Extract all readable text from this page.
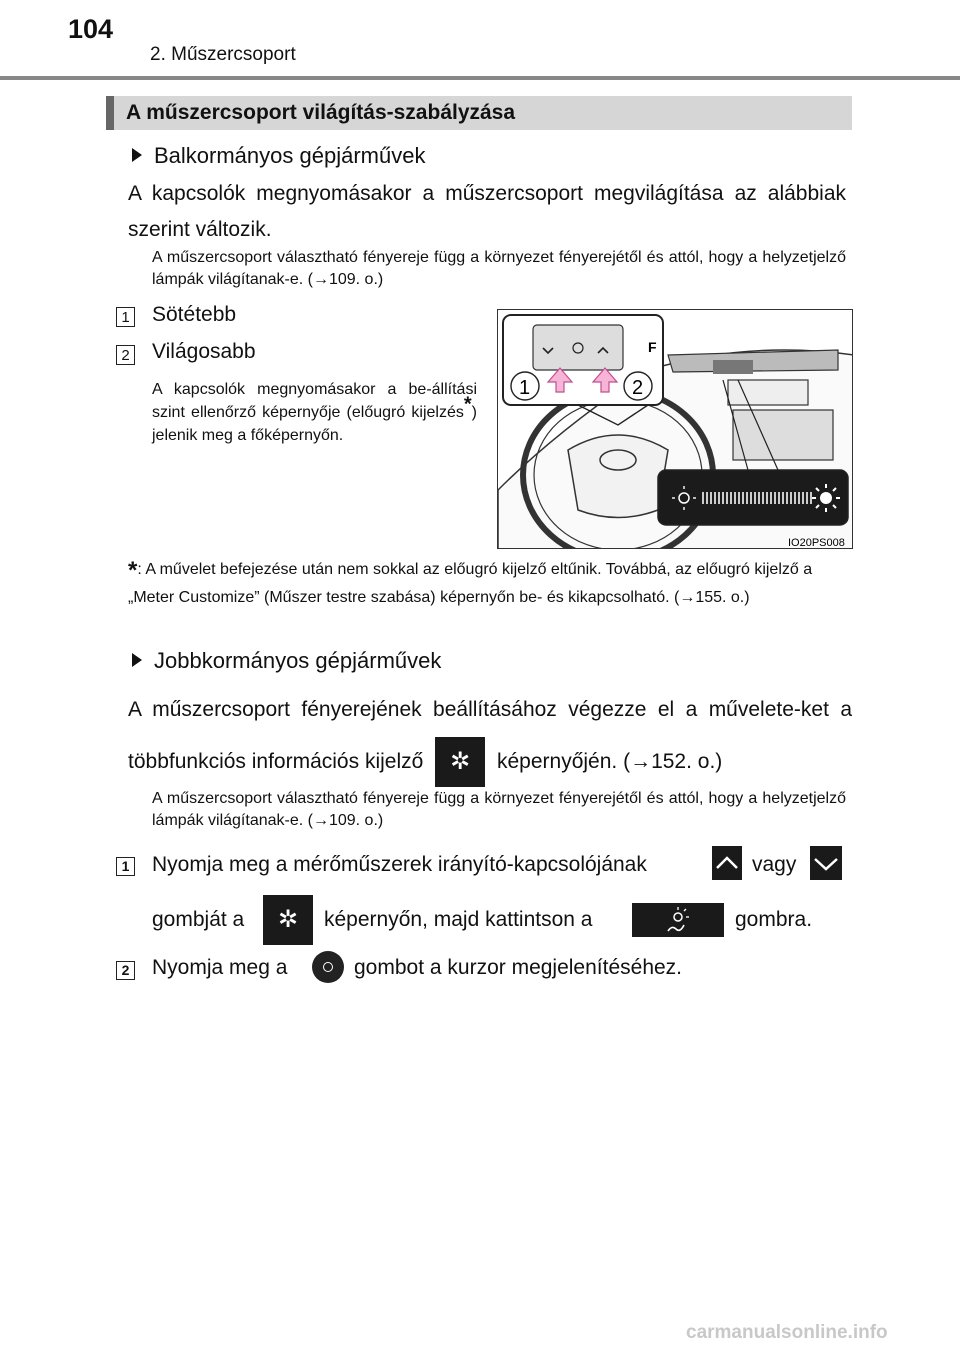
104
2. Műszercsoport
A műszercsoport világítás-szabályzása
Balkormányos gépjárművek
A kapcsolók megnyomásakor a műszercsoport megvilágítása az alábbiak szerint változik.
A műszercsoport választható fényereje függ a környezet fényerejétől és attól, hogy a helyzetjelző lámpák világítanak-e. (→109. o.)
1 Sötétebb
2 Világosabb
A kapcsolók megnyomásakor a be-állítási szint ellenőrző képernyője (előugró kijelzés*) jelenik meg a főképernyőn.
F
1	2
IO20PS008
*: A művelet befejezése után nem sokkal az előugró kijelző eltűnik. Továbbá, az előugró kijelző a „Meter Customize” (Műszer testre szabása) képernyőn be- és kikapcsolható. (→155. o.)
Jobbkormányos gépjárművek
A műszercsoport fényerejének beállításához végezze el a művelete-ket a többfunkciós információs kijelző ✲ képernyőjén. (→152. o.)
A műszercsoport választható fényereje függ a környezet fényerejétől és attól, hogy a helyzetjelző lámpák világítanak-e. (→109. o.)
1 Nyomja meg a mérőműszerek irányító-kapcsolójának	vagy
gombját a ✲ képernyőn, majd kattintson a	gombra.
2 Nyomja meg a	gombot a kurzor megjelenítéséhez.
carmanualsonline.info
